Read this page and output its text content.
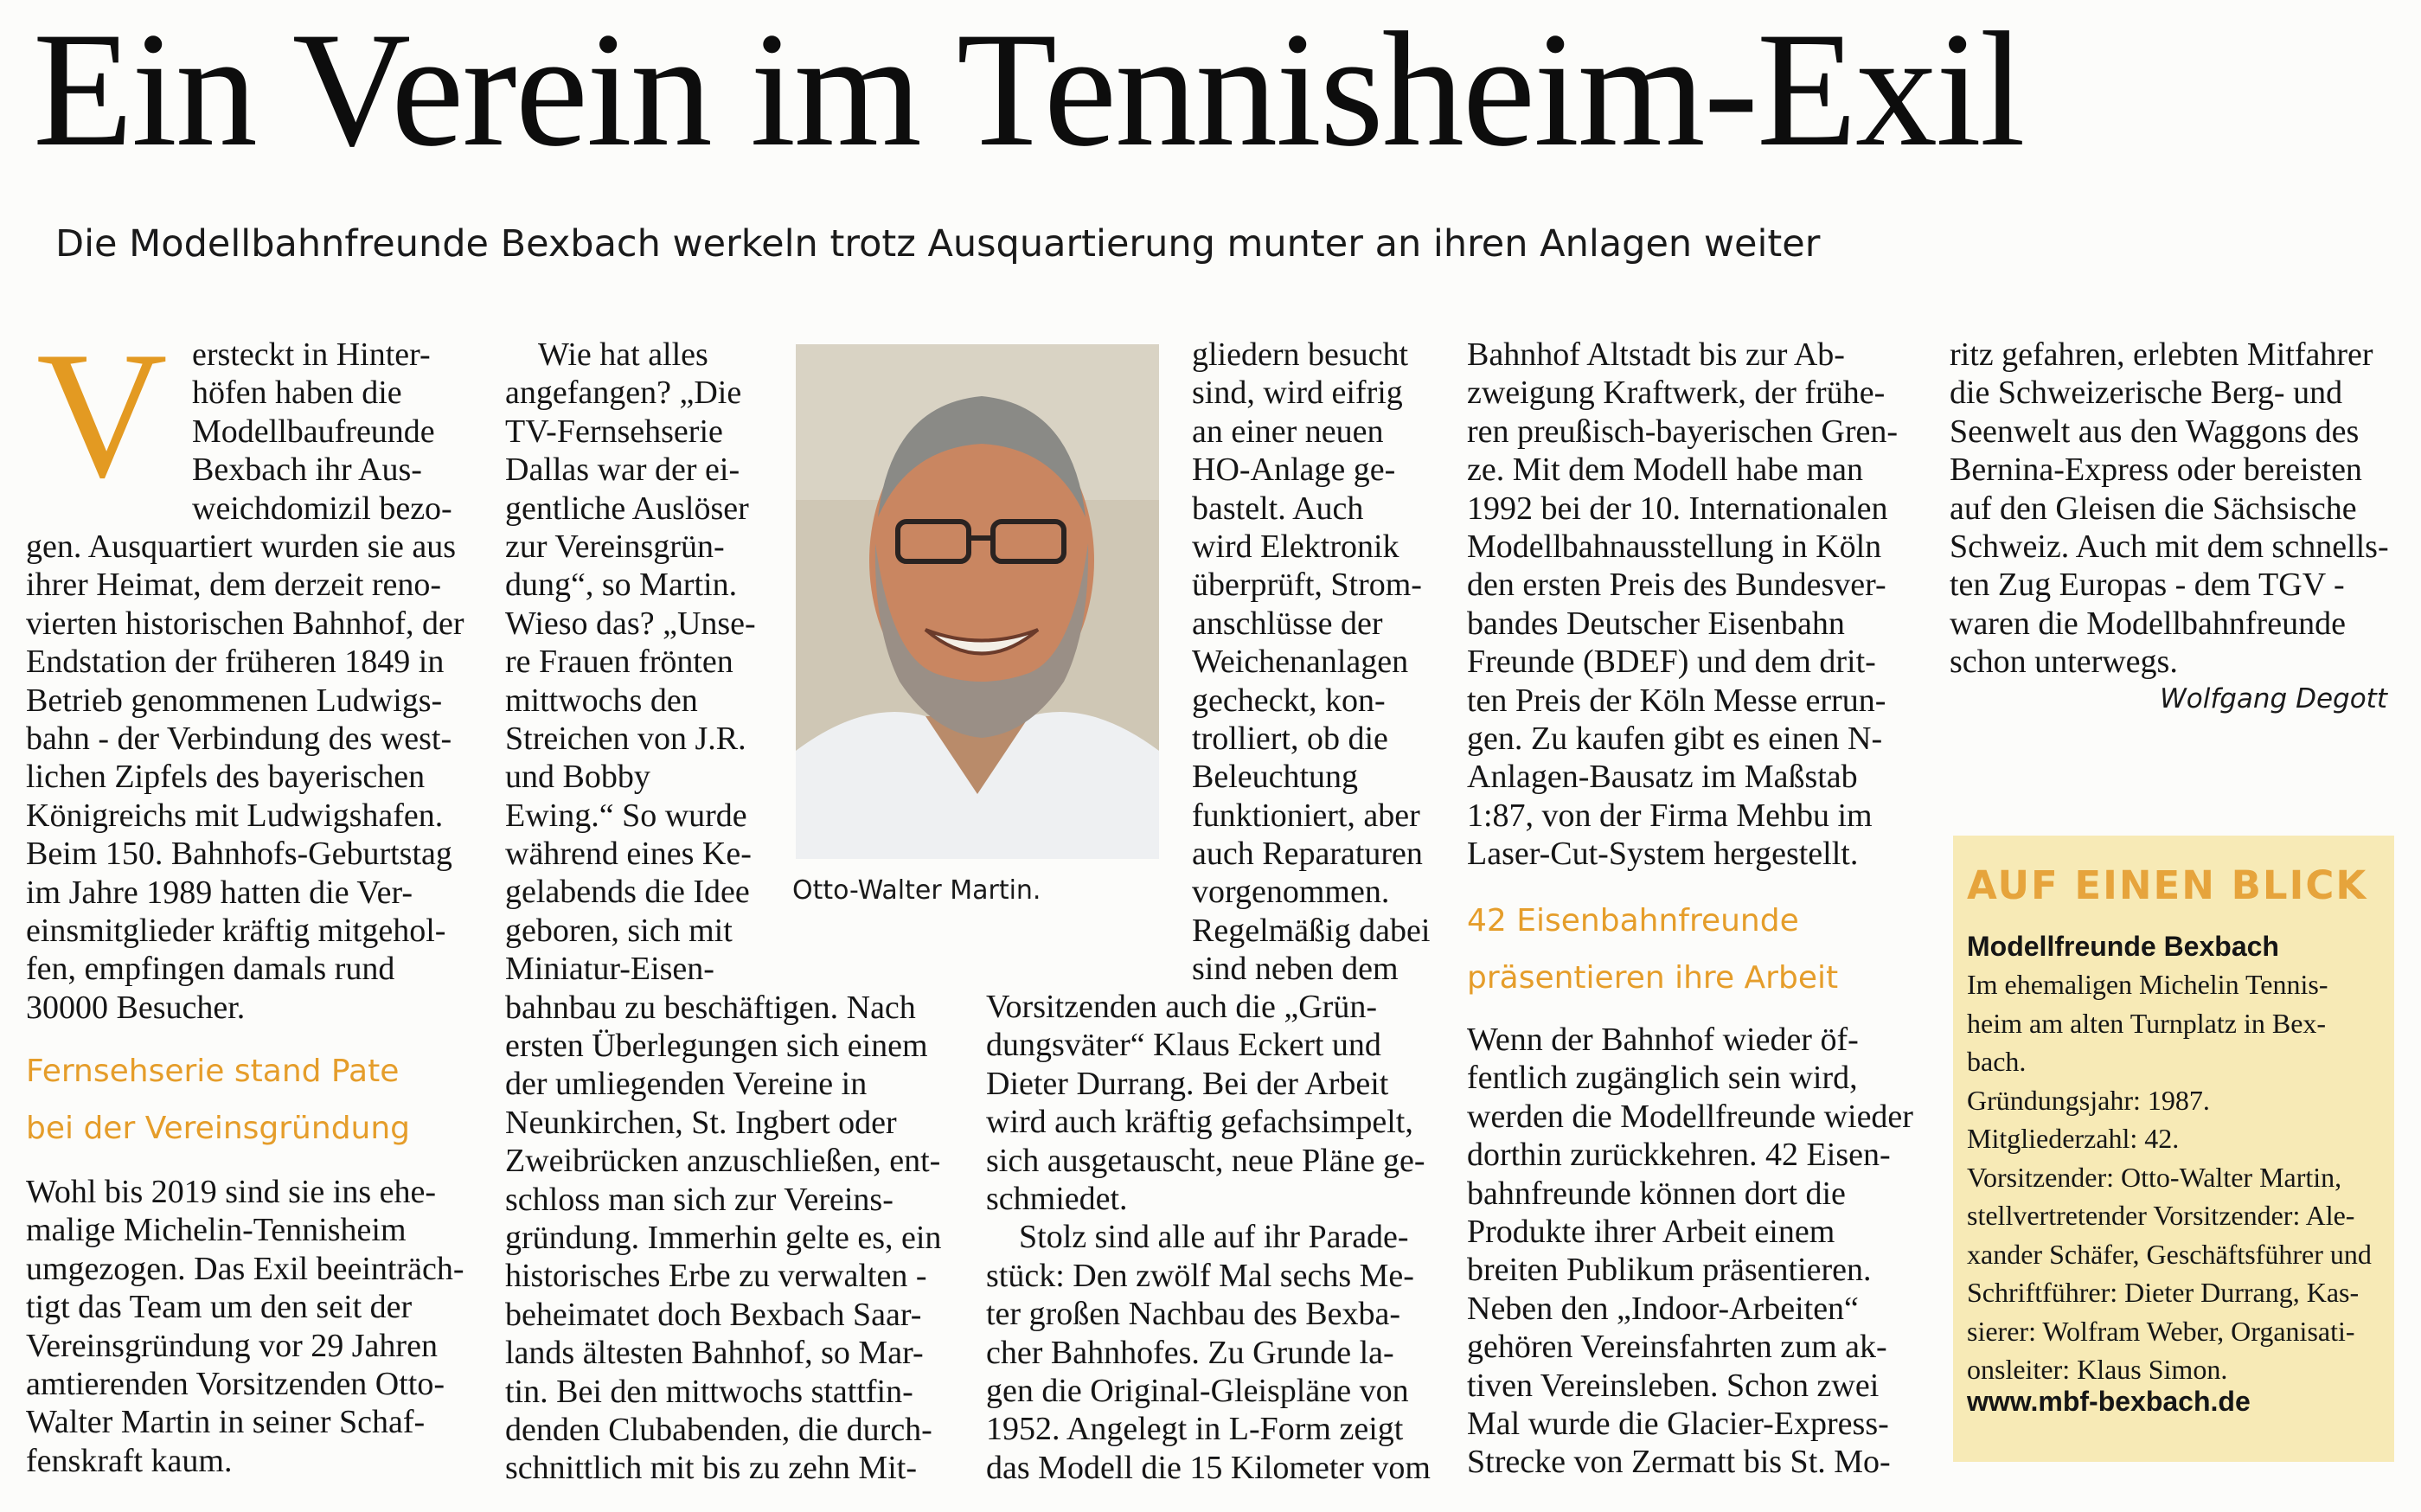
Ein Verein im Tennisheim-Exil
Die Modellbahnfreunde Bexbach werkeln trotz Ausquartierung munter an ihren Anlagen weiter
V ersteckt in Hinter-
höfen haben die
Modellbaufreunde
Bexbach ihr Aus-
weichdomizil bezo-
gen. Ausquartiert wurden sie aus
ihrer Heimat, dem derzeit reno-
vierten historischen Bahnhof, der
Endstation der früheren 1849 in
Betrieb genommenen Ludwigs-
bahn - der Verbindung des west-
lichen Zipfels des bayerischen
Königreichs mit Ludwigshafen.
Beim 150. Bahnhofs-Geburtstag
im Jahre 1989 hatten die Ver-
einsmitglieder kräftig mitgehol-
fen, empfingen damals rund
30000 Besucher.
Fernsehserie stand Pate
bei der Vereinsgründung
Wohl bis 2019 sind sie ins ehe-
malige Michelin-Tennisheim
umgezogen. Das Exil beeinträch-
tigt das Team um den seit der
Vereinsgründung vor 29 Jahren
amtierenden Vorsitzenden Otto-
Walter Martin in seiner Schaf-
fenskraft kaum.
Wie hat alles
angefangen? „Die
TV-Fernsehserie
Dallas war der ei-
gentliche Auslöser
zur Vereinsgrün-
dung“, so Martin.
Wieso das? „Unse-
re Frauen frönten
mittwochs den
Streichen von J.R.
und Bobby
Ewing.“ So wurde
während eines Ke-
gelabends die Idee
geboren, sich mit
Miniatur-Eisen-
bahnbau zu beschäftigen. Nach
ersten Überlegungen sich einem
der umliegenden Vereine in
Neunkirchen, St. Ingbert oder
Zweibrücken anzuschließen, ent-
schloss man sich zur Vereins-
gründung. Immerhin gelte es, ein
historisches Erbe zu verwalten -
beheimatet doch Bexbach Saar-
lands ältesten Bahnhof, so Mar-
tin. Bei den mittwochs stattfin-
denden Clubabenden, die durch-
schnittlich mit bis zu zehn Mit-
Otto-Walter Martin.
gliedern besucht
sind, wird eifrig
an einer neuen
HO-Anlage ge-
bastelt. Auch
wird Elektronik
überprüft, Strom-
anschlüsse der
Weichenanlagen
gecheckt, kon-
trolliert, ob die
Beleuchtung
funktioniert, aber
auch Reparaturen
vorgenommen.
Regelmäßig dabei
sind neben dem
Vorsitzenden auch die „Grün-
dungsväter“ Klaus Eckert und
Dieter Durrang. Bei der Arbeit
wird auch kräftig gefachsimpelt,
sich ausgetauscht, neue Pläne ge-
schmiedet.
Stolz sind alle auf ihr Parade-
stück: Den zwölf Mal sechs Me-
ter großen Nachbau des Bexba-
cher Bahnhofes. Zu Grunde la-
gen die Original-Gleispläne von
1952. Angelegt in L-Form zeigt
das Modell die 15 Kilometer vom
Bahnhof Altstadt bis zur Ab-
zweigung Kraftwerk, der frühe-
ren preußisch-bayerischen Gren-
ze. Mit dem Modell habe man
1992 bei der 10. Internationalen
Modellbahnausstellung in Köln
den ersten Preis des Bundesver-
bandes Deutscher Eisenbahn
Freunde (BDEF) und dem drit-
ten Preis der Köln Messe errun-
gen. Zu kaufen gibt es einen N-
Anlagen-Bausatz im Maßstab
1:87, von der Firma Mehbu im
Laser-Cut-System hergestellt.
42 Eisenbahnfreunde
präsentieren ihre Arbeit
Wenn der Bahnhof wieder öf-
fentlich zugänglich sein wird,
werden die Modellfreunde wieder
dorthin zurückkehren. 42 Eisen-
bahnfreunde können dort die
Produkte ihrer Arbeit einem
breiten Publikum präsentieren.
Neben den „Indoor-Arbeiten“
gehören Vereinsfahrten zum ak-
tiven Vereinsleben. Schon zwei
Mal wurde die Glacier-Express-
Strecke von Zermatt bis St. Mo-
ritz gefahren, erlebten Mitfahrer
die Schweizerische Berg- und
Seenwelt aus den Waggons des
Bernina-Express oder bereisten
auf den Gleisen die Sächsische
Schweiz. Auch mit dem schnells-
ten Zug Europas - dem TGV -
waren die Modellbahnfreunde
schon unterwegs.
Wolfgang Degott
AUF EINEN BLICK
Modellfreunde Bexbach
Im ehemaligen Michelin Tennis-
heim am alten Turnplatz in Bex-
bach.
Gründungsjahr: 1987.
Mitgliederzahl: 42.
Vorsitzender: Otto-Walter Martin,
stellvertretender Vorsitzender: Ale-
xander Schäfer, Geschäftsführer und
Schriftführer: Dieter Durrang, Kas-
sierer: Wolfram Weber, Organisati-
onsleiter: Klaus Simon.
www.mbf-bexbach.de
